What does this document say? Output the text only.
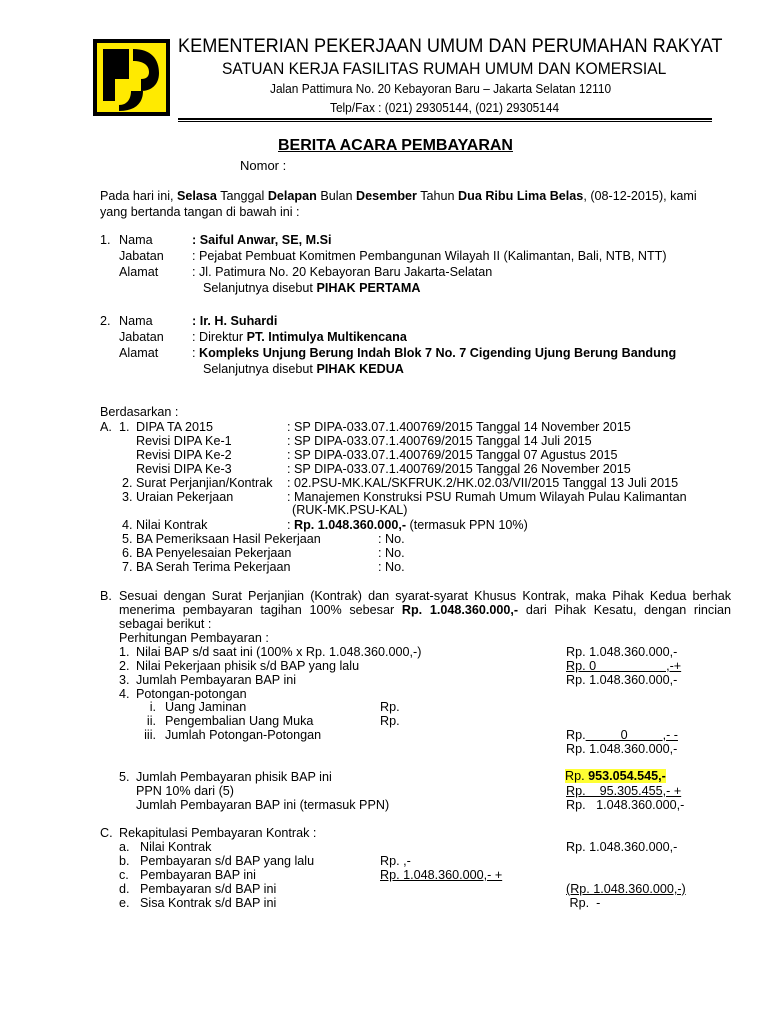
KEMENTERIAN PEKERJAAN UMUM DAN PERUMAHAN RAKYAT
SATUAN KERJA FASILITAS RUMAH UMUM DAN KOMERSIAL
Jalan Pattimura No. 20 Kebayoran Baru – Jakarta Selatan 12110
Telp/Fax : (021) 29305144, (021) 29305144
BERITA ACARA PEMBAYARAN
Nomor :
Pada hari ini, Selasa Tanggal Delapan Bulan Desember Tahun Dua Ribu Lima Belas, (08-12-2015), kami
yang bertanda tangan di bawah ini :
1. Nama	: Saiful Anwar, SE, M.Si
Jabatan : Pejabat Pembuat Komitmen Pembangunan Wilayah II (Kalimantan, Bali, NTB, NTT)
Alamat	: Jl. Patimura No. 20 Kebayoran Baru Jakarta-Selatan
Selanjutnya disebut PIHAK PERTAMA
2. Nama	: Ir. H. Suhardi
Jabatan : Direktur PT. Intimulya Multikencana
Alamat	: Kompleks Unjung Berung Indah Blok 7 No. 7 Cigending Ujung Berung Bandung
Selanjutnya disebut PIHAK KEDUA
Berdasarkan :
A. 1. DIPA TA 2015	: SP DIPA-033.07.1.400769/2015 Tanggal 14 November 2015
Revisi DIPA Ke-1	: SP DIPA-033.07.1.400769/2015 Tanggal 14 Juli 2015
Revisi DIPA Ke-2	: SP DIPA-033.07.1.400769/2015 Tanggal 07 Agustus 2015
Revisi DIPA Ke-3	: SP DIPA-033.07.1.400769/2015 Tanggal 26 November 2015
2. Surat Perjanjian/Kontrak : 02.PSU-MK.KAL/SKFRUK.2/HK.02.03/VII/2015 Tanggal 13 Juli 2015
3. Uraian Pekerjaan	: Manajemen Konstruksi PSU Rumah Umum Wilayah Pulau Kalimantan
(RUK-MK.PSU-KAL)
4. Nilai Kontrak	: Rp. 1.048.360.000,- (termasuk PPN 10%)
5. BA Pemeriksaan Hasil Pekerjaan	: No.
6. BA Penyelesaian Pekerjaan	: No.
7. BA Serah Terima Pekerjaan	: No.
B. Sesuai dengan Surat Perjanjian (Kontrak) dan syarat-syarat Khusus Kontrak, maka Pihak Kedua berhak
menerima pembayaran tagihan 100% sebesar Rp. 1.048.360.000,- dari Pihak Kesatu, dengan rincian
sebagai berikut :
Perhitungan Pembayaran :
1. Nilai BAP s/d saat ini (100% x Rp. 1.048.360.000,-)	Rp. 1.048.360.000,-
2. Nilai Pekerjaan phisik s/d BAP yang lalu	Rp. 0                    ,-+
3. Jumlah Pembayaran BAP ini	Rp. 1.048.360.000,-
4. Potongan-potongan
i. Uang Jaminan	Rp.
ii. Pengembalian Uang Muka	Rp.
iii. Jumlah Potongan-Potongan	Rp.          0          ,- -
Rp. 1.048.360.000,-
5. Jumlah Pembayaran phisik BAP ini	Rp. 953.054.545,-
PPN 10% dari (5)	Rp.    95.305.455,- +
Jumlah Pembayaran BAP ini (termasuk PPN)	Rp.   1.048.360.000,-
C. Rekapitulasi Pembayaran Kontrak :
a. Nilai Kontrak	Rp. 1.048.360.000,-
b. Pembayaran s/d BAP yang lalu	Rp. ,-
c. Pembayaran BAP ini	Rp. 1.048.360.000,- +
d. Pembayaran s/d BAP ini	(Rp. 1.048.360.000,-)
e. Sisa Kontrak s/d BAP ini	Rp.  -
